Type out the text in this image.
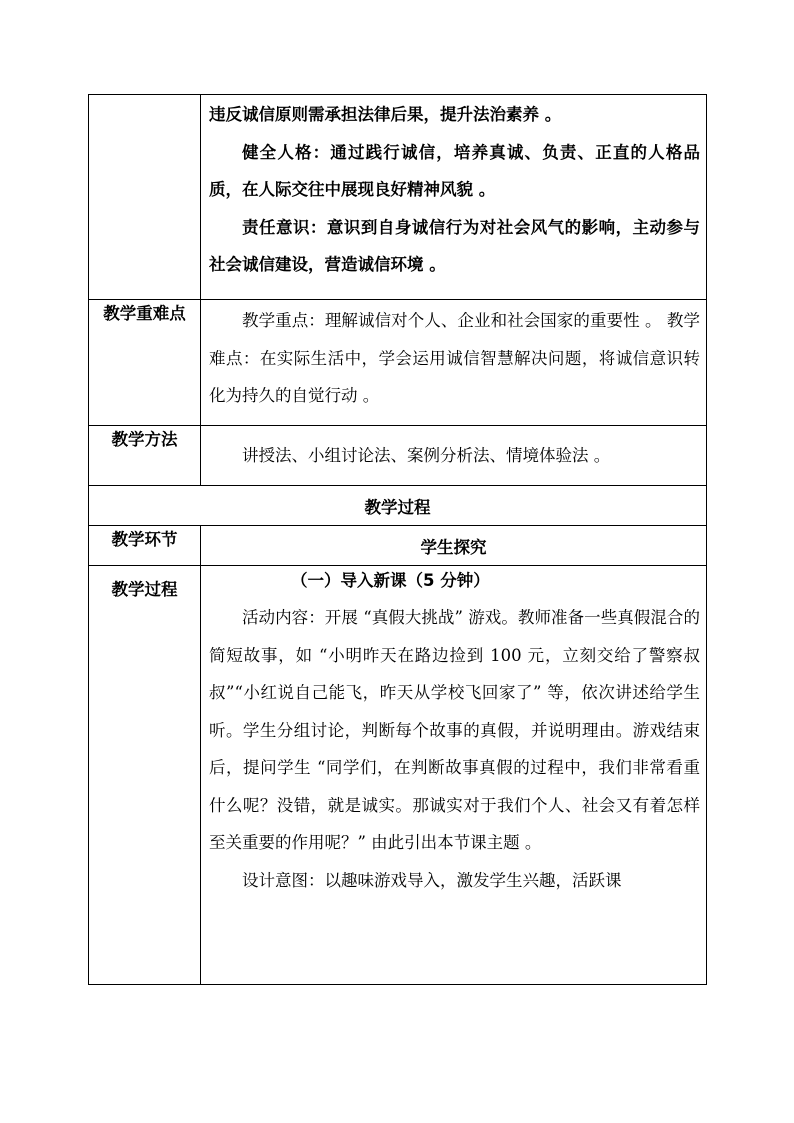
	违反诚信原则需承担法律后果，提升法治素养 。

健全人格：通过践行诚信，培养真诚、负责、正直的人格品质，在人际交往中展现良好精神风貌 。

责任意识：意识到自身诚信行为对社会风气的影响，主动参与社会诚信建设，营造诚信环境 。

教学重难点	教学重点：理解诚信对个人、企业和社会国家的重要性 。 教学难点：在实际生活中，学会运用诚信智慧解决问题，将诚信意识转化为持久的自觉行动 。

教学方法	讲授法、小组讨论法、案例分析法、情境体验法 。

教学过程	
教学环节	学生探究
教学过程	（一）导入新课（5 分钟）

活动内容：开展 “真假大挑战” 游戏。教师准备一些真假混合的简短故事，如 “小明昨天在路边捡到 100 元，立刻交给了警察叔叔”“小红说自己能飞，昨天从学校飞回家了” 等，依次讲述给学生听。学生分组讨论，判断每个故事的真假，并说明理由。游戏结束后，提问学生 “同学们，在判断故事真假的过程中，我们非常看重什么呢？没错，就是诚实。那诚实对于我们个人、社会又有着怎样至关重要的作用呢？” 由此引出本节课主题 。

设计意图：以趣味游戏导入，激发学生兴趣，活跃课
